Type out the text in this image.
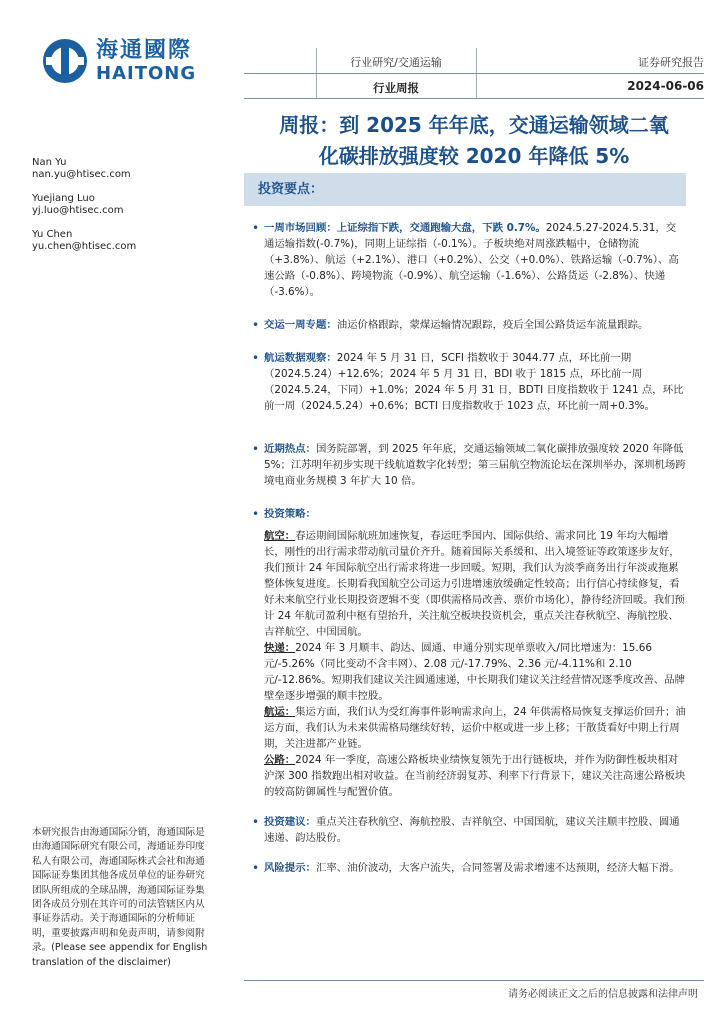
海通國際
HAITONG
行业研究/交通运输
行业周报
证券研究报告
2024-06-06
周报：到 2025 年年底，交通运输领域二氧
化碳排放强度较 2020 年降低 5%
Nan Yu
nan.yu@htisec.com
Yuejiang Luo
yj.luo@htisec.com
Yu Chen
yu.chen@htisec.com
本研究报告由海通国际分销，海通国际是由海通国际研究有限公司，海通证券印度私人有限公司，海通国际株式会社和海通国际证券集团其他各成员单位的证券研究团队所组成的全球品牌，海通国际证券集团各成员分别在其许可的司法管辖区内从事证券活动。关于海通国际的分析师证明，重要披露声明和免责声明，请参阅附录。(Please see appendix for English translation of the disclaimer)
投资要点：
• 一周市场回顾：上证综指下跌，交通跑输大盘，下跌 0.7%。2024.5.27-2024.5.31，交通运输指数(-0.7%)，同期上证综指（-0.1%）。子板块绝对周涨跌幅中，仓储物流（+3.8%）、航运（+2.1%）、港口（+0.2%）、公交（+0.0%）、铁路运输（-0.7%）、高速公路（-0.8%）、跨境物流（-0.9%）、航空运输（-1.6%）、公路货运（-2.8%）、快递（-3.6%）。
• 交运一周专题：油运价格跟踪，蒙煤运输情况跟踪，疫后全国公路货运车流量跟踪。
• 航运数据观察：2024 年 5 月 31 日，SCFI 指数收于 3044.77 点，环比前一期（2024.5.24）+12.6%；2024 年 5 月 31 日，BDI 收于 1815 点，环比前一周（2024.5.24，下同）+1.0%；2024 年 5 月 31 日，BDTI 日度指数收于 1241 点，环比前一周（2024.5.24）+0.6%；BCTI 日度指数收于 1023 点，环比前一周+0.3%。
• 近期热点：国务院部署，到 2025 年年底，交通运输领域二氧化碳排放强度较 2020 年降低 5%；江苏明年初步实现干线航道数字化转型；第三届航空物流论坛在深圳举办，深圳机场跨境电商业务规模 3 年扩大 10 倍。
• 投资策略：
航空：春运期间国际航班加速恢复，春运旺季国内、国际供给、需求同比 19 年均大幅增长，刚性的出行需求带动航司量价齐升。随着国际关系缓和、出入境签证等政策逐步友好，我们预计 24 年国际航空出行需求将进一步回暖。短期，我们认为淡季商务出行年淡或拖累整体恢复进度。长期看我国航空公司运力引进增速放缓确定性较高；出行信心持续修复，看好未来航空行业长期投资逻辑不变（即供需格局改善、票价市场化），静待经济回暖。我们预计 24 年航司盈利中枢有望抬升，关注航空板块投资机会，重点关注春秋航空、海航控股、吉祥航空、中国国航。
快递：2024 年 3 月顺丰、韵达、圆通、申通分别实现单票收入/同比增速为：15.66 元/-5.26%（同比变动不含丰网）、2.08 元/-17.79%、2.36 元/-4.11%和 2.10 元/-12.86%。短期我们建议关注圆通速递，中长期我们建议关注经营情况逐季度改善、品牌壁垒逐步增强的顺丰控股。
航运：集运方面，我们认为受红海事件影响需求向上，24 年供需格局恢复支撑运价回升；油运方面，我们认为未来供需格局继续好转，运价中枢或进一步上移；干散货看好中期上行周期，关注进都产业链。
公路：2024 年一季度，高速公路板块业绩恢复领先于出行链板块，并作为防御性板块相对沪深 300 指数跑出相对收益。在当前经济弱复苏、利率下行背景下，建议关注高速公路板块的较高防御属性与配置价值。
• 投资建议：重点关注春秋航空、海航控股、吉祥航空、中国国航，建议关注顺丰控股、圆通速递、韵达股份。
• 风险提示：汇率、油价波动，大客户流失，合同签署及需求增速不达预期，经济大幅下滑。
请务必阅读正文之后的信息披露和法律声明
